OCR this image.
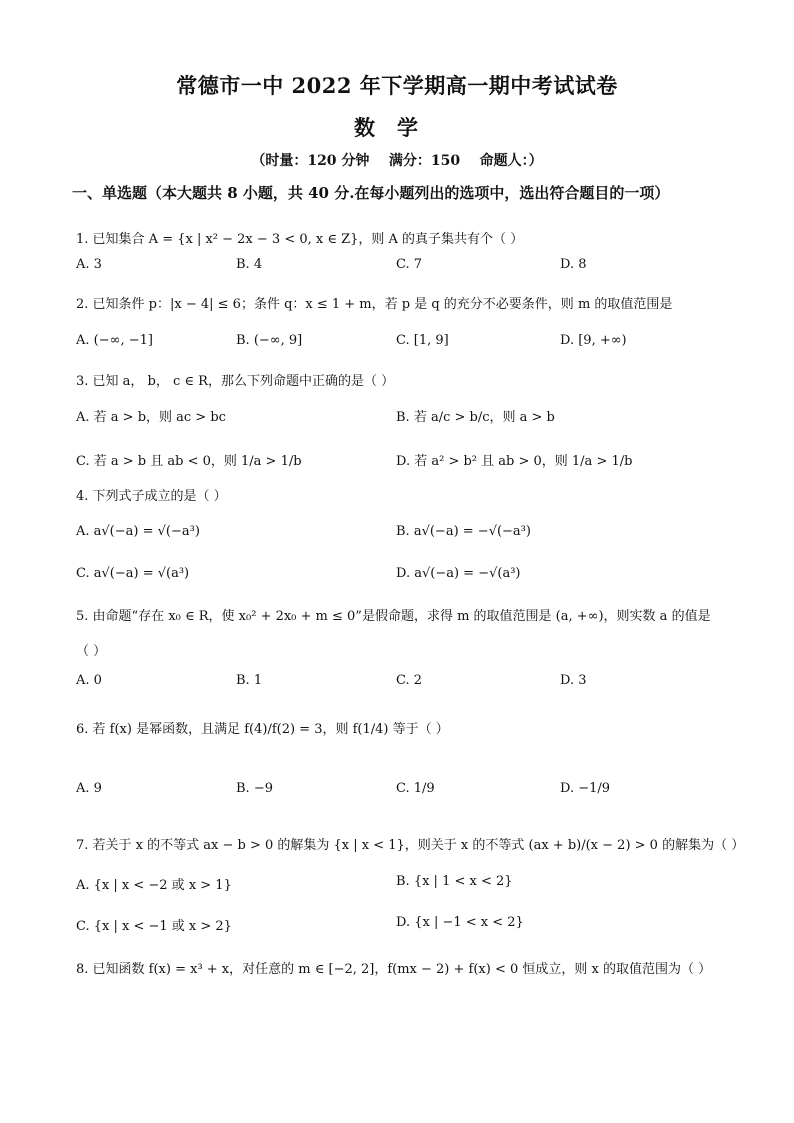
常德市一中 2022 年下学期高一期中考试试卷
数学
（时量：120 分钟    满分：150    命题人：）
一、单选题（本大题共 8 小题，共 40 分.在每小题列出的选项中，选出符合题目的一项）
1. 已知集合 A = {x | x² − 2x − 3 < 0, x ∈ Z}，则 A 的真子集共有个（ ）
A. 3	B. 4	C. 7	D. 8
2. 已知条件 p：|x − 4| ≤ 6；条件 q：x ≤ 1 + m，若 p 是 q 的充分不必要条件，则 m 的取值范围是
A. (−∞, −1]	B. (−∞, 9]	C. [1, 9]	D. [9, +∞)
3. 已知 a， b， c ∈ R，那么下列命题中正确的是（ ）
A. 若 a > b，则 ac > bc	B. 若 a/c > b/c，则 a > b
C. 若 a > b 且 ab < 0，则 1/a > 1/b	D. 若 a² > b² 且 ab > 0，则 1/a > 1/b
4. 下列式子成立的是（ ）
A. a√(−a) = √(−a³)	B. a√(−a) = −√(−a³)
C. a√(−a) = √(a³)	D. a√(−a) = −√(a³)
5. 由命题“存在 x₀ ∈ R，使 x₀² + 2x₀ + m ≤ 0”是假命题，求得 m 的取值范围是 (a, +∞)，则实数 a 的值是
（ ）
A. 0	B. 1	C. 2	D. 3
6. 若 f(x) 是幂函数，且满足 f(4)/f(2) = 3，则 f(1/4) 等于（ ）
A. 9	B. −9	C. 1/9	D. −1/9
7. 若关于 x 的不等式 ax − b > 0 的解集为 {x | x < 1}，则关于 x 的不等式 (ax + b)/(x − 2) > 0 的解集为（ ）
A. {x | x < −2 或 x > 1}	B. {x | 1 < x < 2}
C. {x | x < −1 或 x > 2}	D. {x | −1 < x < 2}
8. 已知函数 f(x) = x³ + x，对任意的 m ∈ [−2, 2]，f(mx − 2) + f(x) < 0 恒成立，则 x 的取值范围为（ ）
